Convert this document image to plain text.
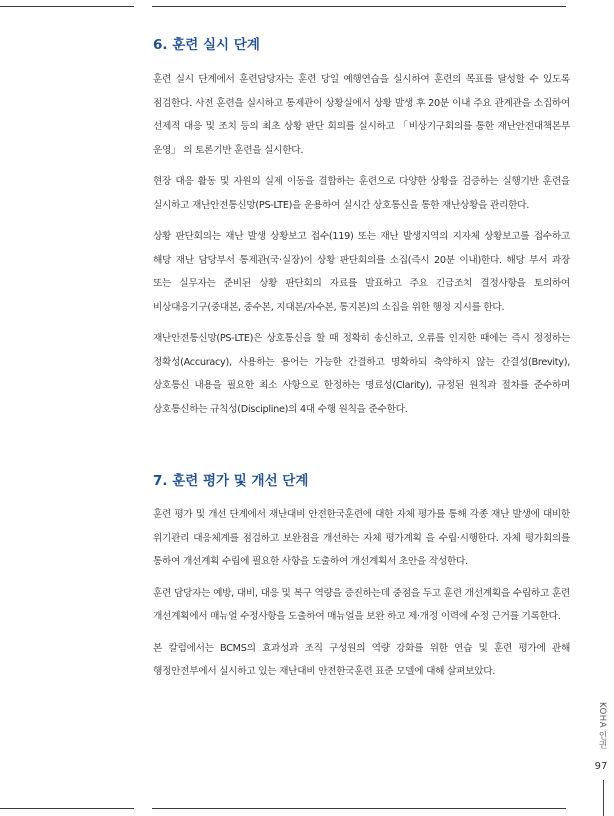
6. 훈련 실시 단계

훈련 실시 단계에서 훈련담당자는 훈련 당일 예행연습을 실시하여 훈련의 목표를 달성할 수 있도록 점검한다. 사전 훈련을 실시하고 통제관이 상황실에서 상황 발생 후 20분 이내 주요 관계관을 소집하여 선제적 대응 및 조치 등의 최초 상황 판단 회의를 실시하고 「비상기구회의를 통한 재난안전대책본부 운영」 의 토론기반 훈련을 실시한다.

현장 대응 활동 및 자원의 실제 이동을 결합하는 훈련으로 다양한 상황을 검증하는 실행기반 훈련을 실시하고 재난안전통신망(PS-LTE)을 운용하여 실시간 상호통신을 통한 재난상황을 관리한다.

상황 판단회의는 재난 발생 상황보고 접수(119) 또는 재난 발생지역의 지자체 상황보고를 접수하고 해당 재난 담당부서 통제관(국·실장)이 상황 판단회의를 소집(즉시 20분 이내)한다. 해당 부서 과장 또는 실무자는 준비된 상황 판단회의 자료를 발표하고 주요 긴급조치 결정사항을 토의하여 비상대응기구(중대본, 중수본, 지대본/자수본, 통지본)의 소집을 위한 행정 지시를 한다.

재난안전통신망(PS-LTE)은 상호통신을 할 때 정확히 송신하고, 오류를 인지한 때에는 즉시 정정하는 정확성(Accuracy), 사용하는 용어는 가능한 간결하고 명확하되 축약하지 않는 간결성(Brevity), 상호통신 내용을 필요한 최소 사항으로 한정하는 명료성(Clarity), 규정된 원칙과 절차를 준수하며 상호통신하는 규칙성(Discipline)의 4대 수행 원칙을 준수한다.

7. 훈련 평가 및 개선 단계

훈련 평가 및 개선 단계에서 재난대비 안전한국훈련에 대한 자체 평가를 통해 각종 재난 발생에 대비한 위기관리 대응체계를 점검하고 보완점을 개선하는 자체 평가계획 을 수립·시행한다. 자체 평가회의를 통하여 개선계획 수립에 필요한 사항을 도출하여 개선계획서 초안을 작성한다.

훈련 담당자는 예방, 대비, 대응 및 복구 역량을 증진하는데 중점을 두고 훈련 개선계획을 수립하고 훈련 개선계획에서 매뉴얼 수정사항을 도출하여 매뉴얼을 보완 하고 제·개정 이력에 수정 근거를 기록한다.

본 칼럼에서는 BCMS의 효과성과 조직 구성원의 역량 강화를 위한 연습 및 훈련 평가에 관해 행정안전부에서 실시하고 있는 재난대비 안전한국훈련 표준 모델에 대해 살펴보았다.

KOHA 인권
97
